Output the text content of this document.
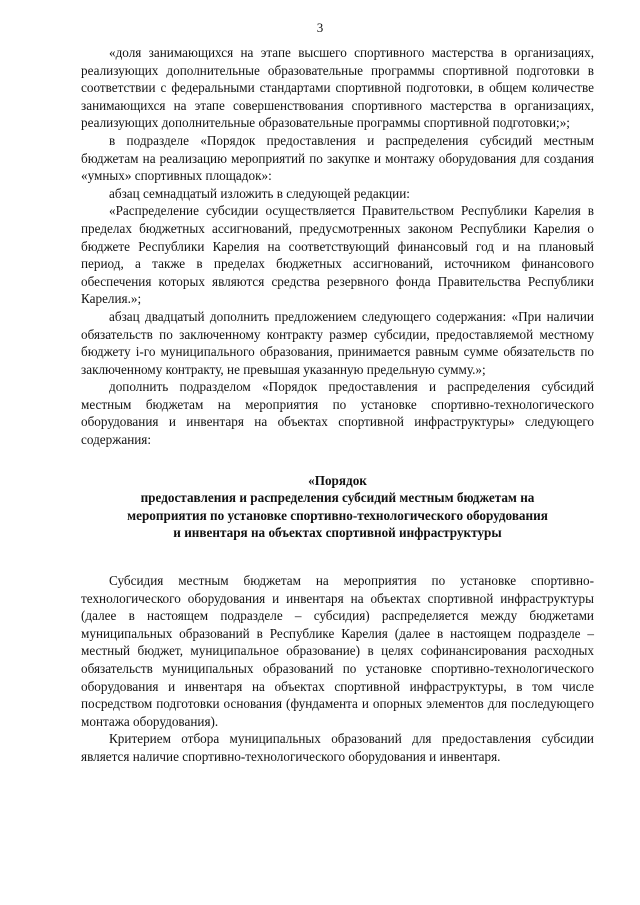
3

«доля занимающихся на этапе высшего спортивного мастерства в организациях, реализующих дополнительные образовательные программы спортивной подготовки в соответствии с федеральными стандартами спортивной подготовки, в общем количестве занимающихся на этапе совершенствования спортивного мастерства в организациях, реализующих дополнительные образовательные программы спортивной подготовки;»;

в подразделе «Порядок предоставления и распределения субсидий местным бюджетам на реализацию мероприятий по закупке и монтажу оборудования для создания «умных» спортивных площадок»:

абзац семнадцатый изложить в следующей редакции:

«Распределение субсидии осуществляется Правительством Республики Карелия в пределах бюджетных ассигнований, предусмотренных законом Республики Карелия о бюджете Республики Карелия на соответствующий финансовый год и на плановый период, а также в пределах бюджетных ассигнований, источником финансового обеспечения которых являются средства резервного фонда Правительства Республики Карелия.»;

абзац двадцатый дополнить предложением следующего содержания: «При наличии обязательств по заключенному контракту размер субсидии, предоставляемой местному бюджету i-го муниципального образования, принимается равным сумме обязательств по заключенному контракту, не превышая указанную предельную сумму.»;

дополнить подразделом «Порядок предоставления и распределения субсидий местным бюджетам на мероприятия по установке спортивно-технологического оборудования и инвентаря на объектах спортивной инфраструктуры» следующего содержания:

«Порядок
предоставления и распределения субсидий местным бюджетам на
мероприятия по установке спортивно-технологического оборудования
и инвентаря на объектах спортивной инфраструктуры

Субсидия местным бюджетам на мероприятия по установке спортивно-технологического оборудования и инвентаря на объектах спортивной инфраструктуры (далее в настоящем подразделе – субсидия) распределяется между бюджетами муниципальных образований в Республике Карелия (далее в настоящем подразделе – местный бюджет, муниципальное образование) в целях софинансирования расходных обязательств муниципальных образований по установке спортивно-технологического оборудования и инвентаря на объектах спортивной инфраструктуры, в том числе посредством подготовки основания (фундамента и опорных элементов для последующего монтажа оборудования).

Критерием отбора муниципальных образований для предоставления субсидии является наличие спортивно-технологического оборудования и инвентаря.
